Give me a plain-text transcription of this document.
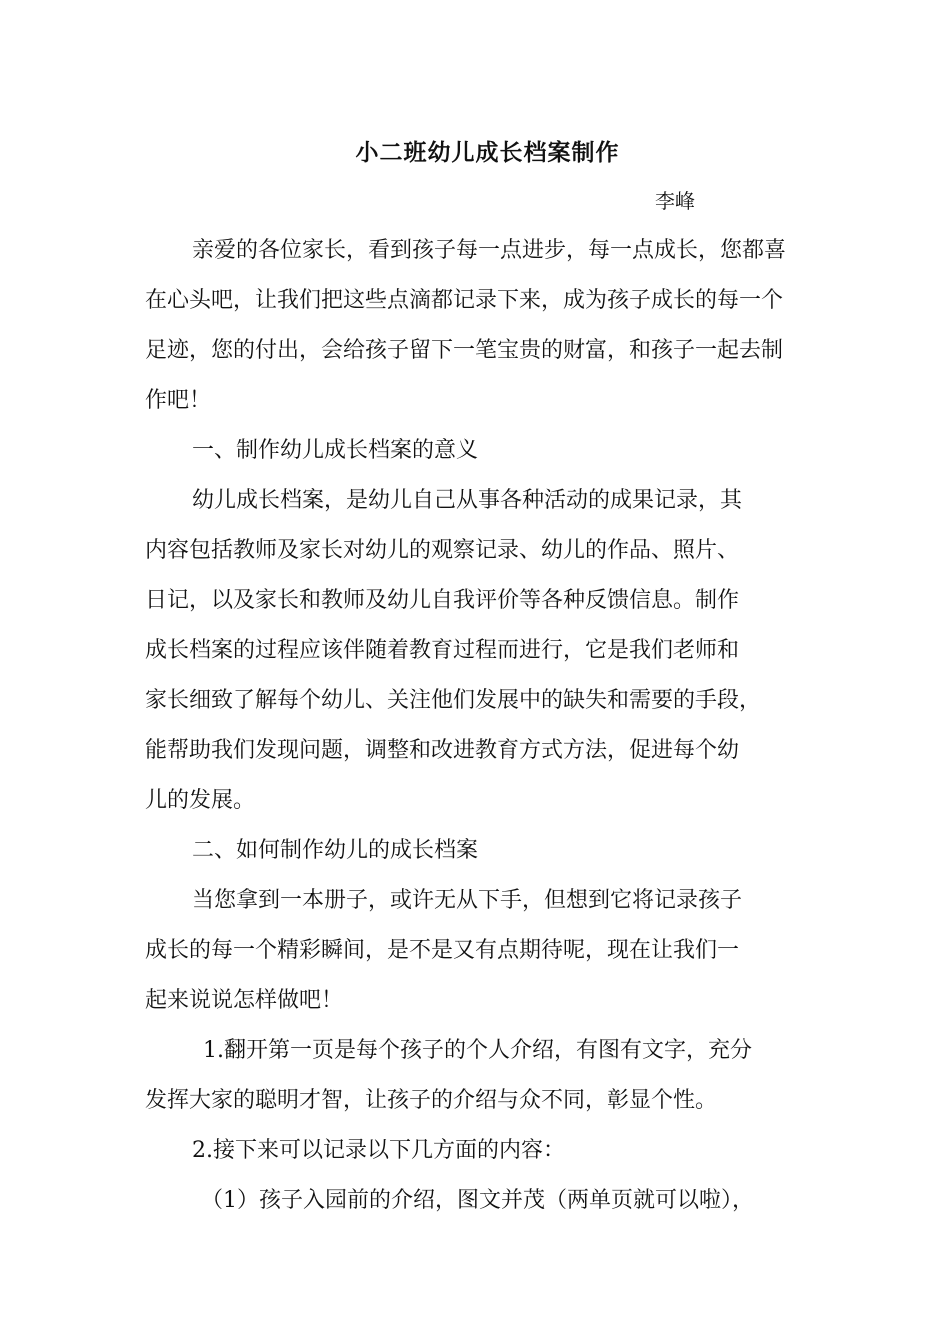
小二班幼儿成长档案制作

李峰

亲爱的各位家长，看到孩子每一点进步，每一点成长，您都喜
在心头吧，让我们把这些点滴都记录下来，成为孩子成长的每一个
足迹，您的付出，会给孩子留下一笔宝贵的财富，和孩子一起去制
作吧！
一、制作幼儿成长档案的意义
幼儿成长档案，是幼儿自己从事各种活动的成果记录，其
内容包括教师及家长对幼儿的观察记录、幼儿的作品、照片、
日记，以及家长和教师及幼儿自我评价等各种反馈信息。制作
成长档案的过程应该伴随着教育过程而进行，它是我们老师和
家长细致了解每个幼儿、关注他们发展中的缺失和需要的手段，
能帮助我们发现问题，调整和改进教育方式方法，促进每个幼
儿的发展。
二、如何制作幼儿的成长档案
当您拿到一本册子，或许无从下手，但想到它将记录孩子
成长的每一个精彩瞬间，是不是又有点期待呢，现在让我们一
起来说说怎样做吧！
1.翻开第一页是每个孩子的个人介绍，有图有文字，充分
发挥大家的聪明才智，让孩子的介绍与众不同，彰显个性。
2.接下来可以记录以下几方面的内容：
（1）孩子入园前的介绍，图文并茂（两单页就可以啦），
